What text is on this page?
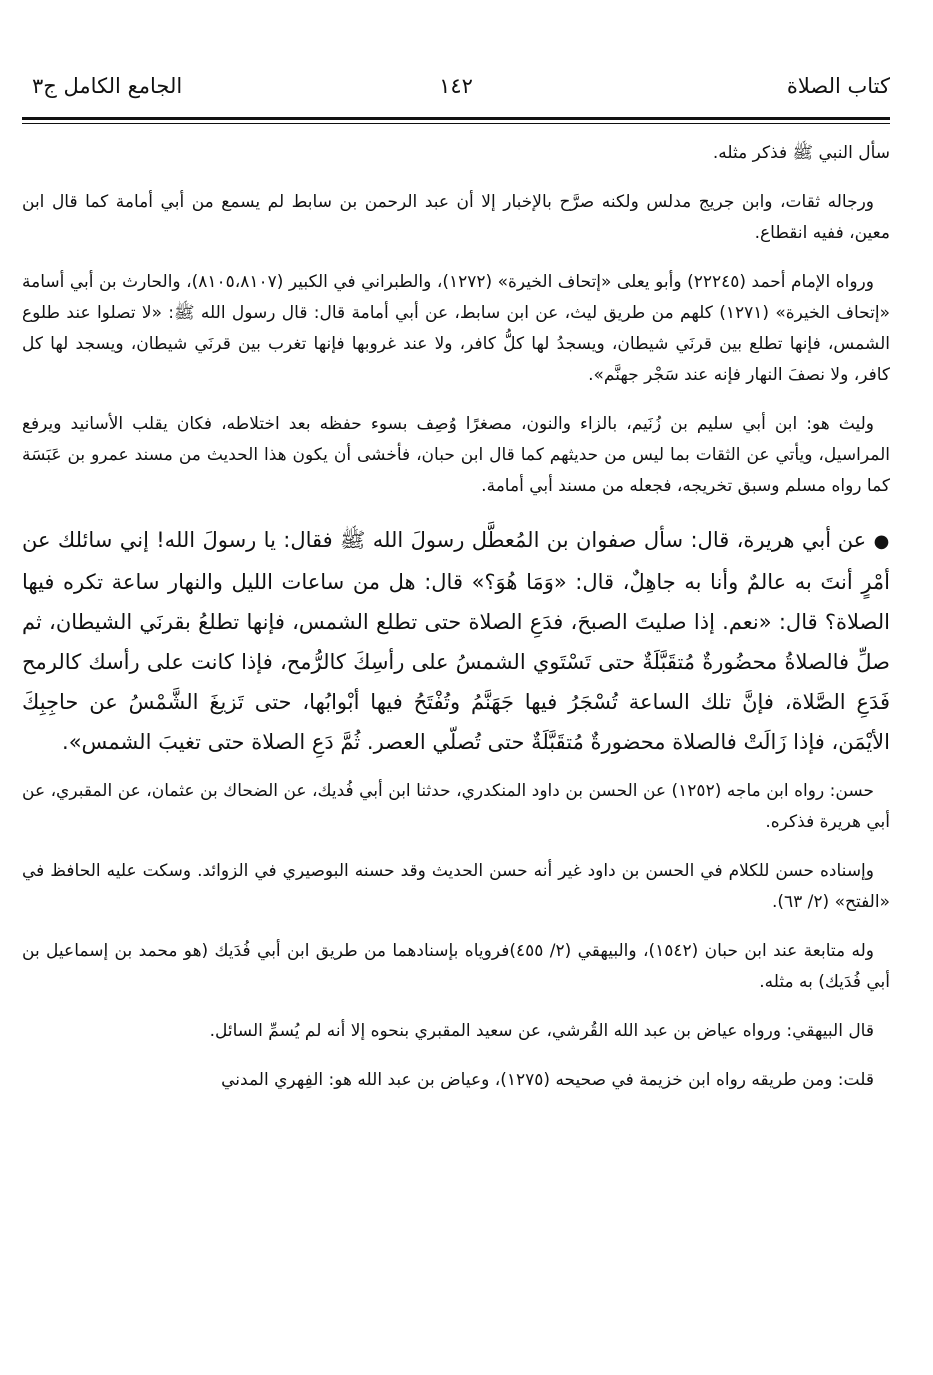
كتاب الصلاة
١٤٢
الجامع الكامل ج٣

سأل النبي ﷺ فذكر مثله.

ورجاله ثقات، وابن جريج مدلس ولكنه صرَّح بالإخبار إلا أن عبد الرحمن بن سابط لم يسمع من أبي أمامة كما قال ابن معين، ففيه انقطاع.

ورواه الإمام أحمد (٢٢٢٤٥) وأبو يعلى «إتحاف الخيرة» (١٢٧٢)، والطبراني في الكبير (٨١٠٥،٨١٠٧)، والحارث بن أبي أسامة «إتحاف الخيرة» (١٢٧١) كلهم من طريق ليث، عن ابن سابط، عن أبي أمامة قال: قال رسول الله ﷺ: «لا تصلوا عند طلوع الشمس، فإنها تطلع بين قرنَي شيطان، ويسجدُ لها كلُّ كافر، ولا عند غروبها فإنها تغرب بين قرنَي شيطان، ويسجد لها كل كافر، ولا نصفَ النهار فإنه عند سَجْر جهنَّم».

وليث هو: ابن أبي سليم بن زُنَيم، بالزاء والنون، مصغرًا وُصِف بسوء حفظه بعد اختلاطه، فكان يقلب الأسانيد ويرفع المراسيل، ويأتي عن الثقات بما ليس من حديثهم كما قال ابن حبان، فأخشى أن يكون هذا الحديث من مسند عمرو بن عَبَسَة كما رواه مسلم وسبق تخريجه، فجعله من مسند أبي أمامة.

● عن أبي هريرة، قال: سأل صفوان بن المُعطَّل رسولَ الله ﷺ فقال: يا رسولَ الله! إني سائلك عن أمْرٍ أنتَ به عالمٌ وأنا به جاهِلٌ، قال: «وَمَا هُوَ؟» قال: هل من ساعات الليل والنهار ساعة تكره فيها الصلاة؟ قال: «نعم. إذا صليتَ الصبحَ، فدَعِ الصلاة حتى تطلع الشمس، فإنها تطلعُ بقرنَي الشيطان، ثم صلِّ فالصلاةُ محضُورةٌ مُتقَبَّلَةٌ حتى تَسْتَوي الشمسُ على رأسِكَ كالرُّمح، فإذا كانت على رأسك كالرمح فَدَعِ الصَّلاة، فإنَّ تلك الساعة تُسْجَرُ فيها جَهَنَّمُ وتُفْتَحُ فيها أبْوابُها، حتى تَزيغَ الشَّمْسُ عن حاجِبِكَ الأيْمَن، فإذا زَالَتْ فالصلاة محضورةٌ مُتقَبَّلَةٌ حتى تُصلّي العصر. ثُمَّ دَعِ الصلاة حتى تغيبَ الشمس».

حسن: رواه ابن ماجه (١٢٥٢) عن الحسن بن داود المنكدري، حدثنا ابن أبي فُديك، عن الضحاك بن عثمان، عن المقبري، عن أبي هريرة فذكره.

وإسناده حسن للكلام في الحسن بن داود غير أنه حسن الحديث وقد حسنه البوصيري في الزوائد. وسكت عليه الحافظ في «الفتح» (٢/ ٦٣).

وله متابعة عند ابن حبان (١٥٤٢)، والبيهقي (٢/ ٤٥٥)فروياه بإسنادهما من طريق ابن أبي فُدَيك (هو محمد بن إسماعيل بن أبي فُدَيك) به مثله.

قال البيهقي: ورواه عياض بن عبد الله القُرشي، عن سعيد المقبري بنحوه إلا أنه لم يُسمِّ السائل.

قلت: ومن طريقه رواه ابن خزيمة في صحيحه (١٢٧٥)، وعياض بن عبد الله هو: الفِهري المدني
